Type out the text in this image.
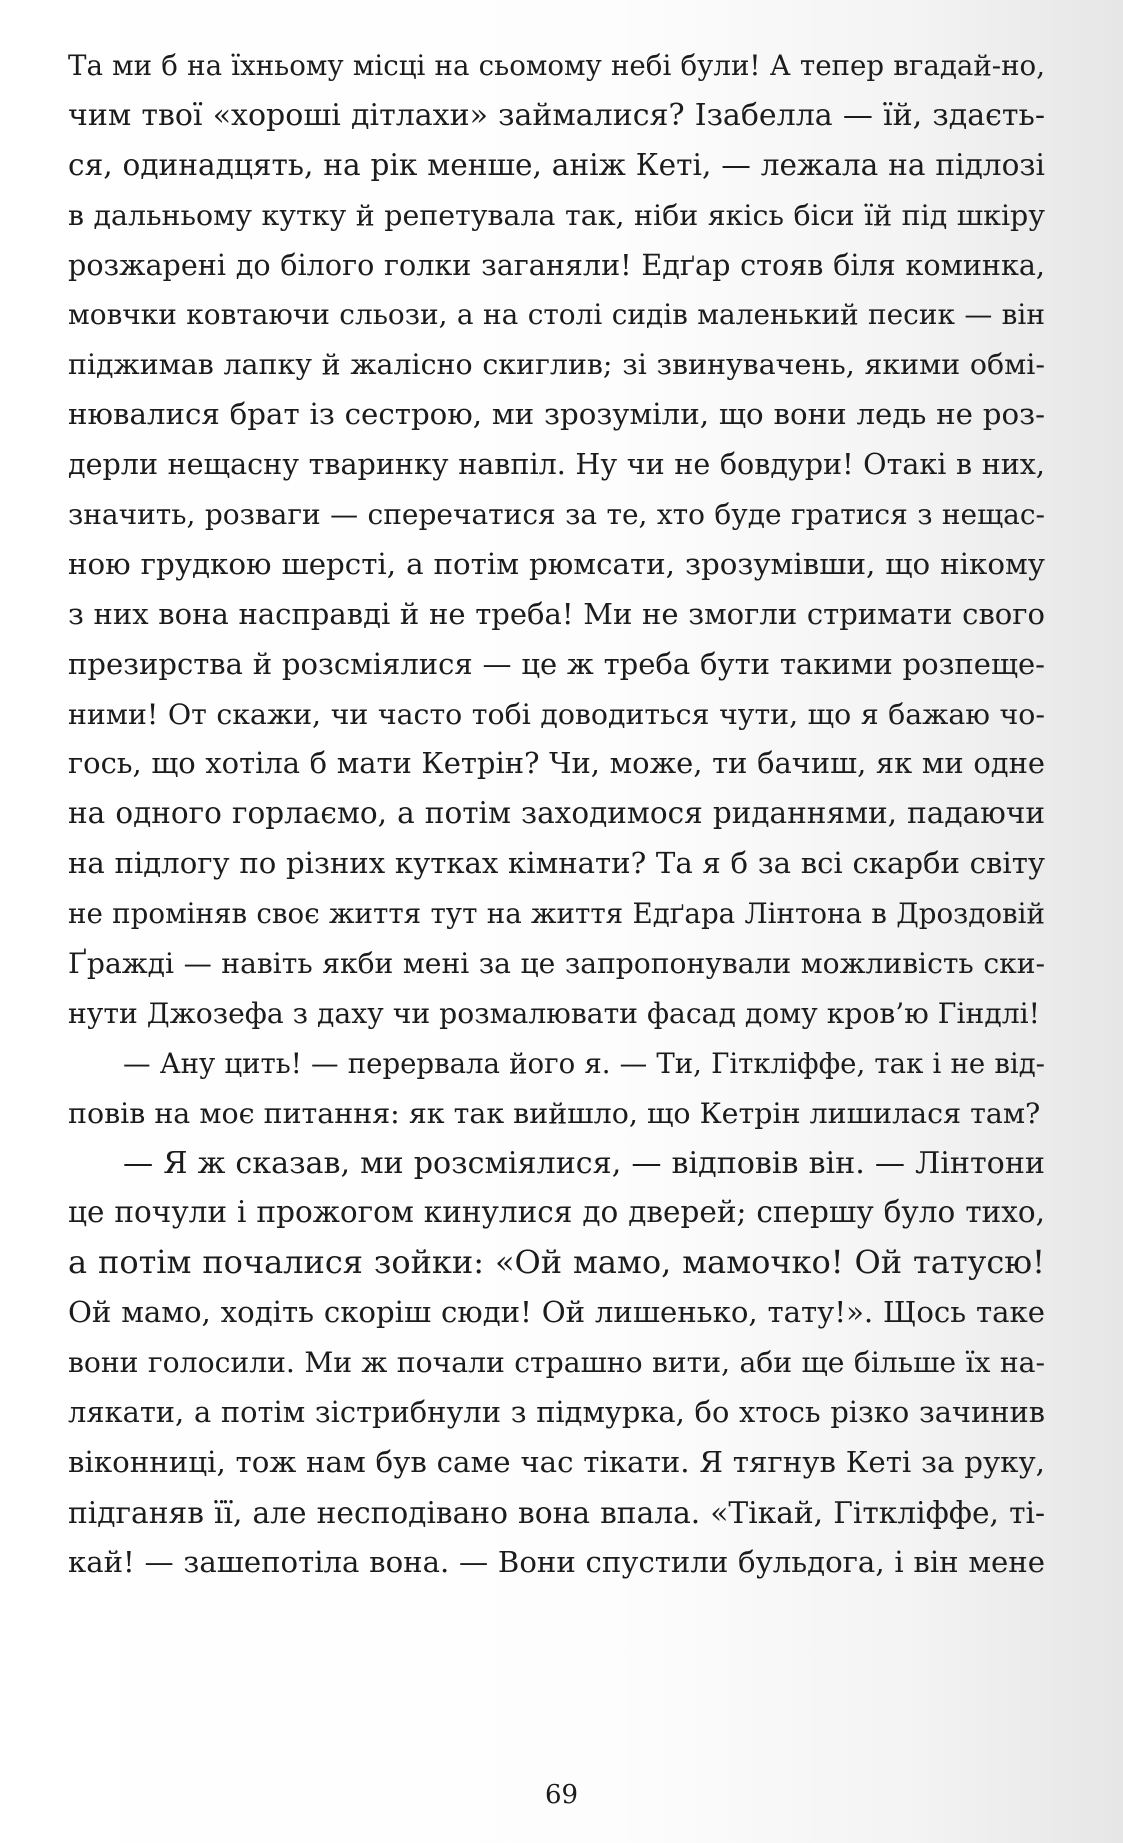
Та ми б на їхньому місці на сьомому небі були! А тепер вгадай-но,
чим твої «хороші дітлахи» займалися? Ізабелла — їй, здаєть-
ся, одинадцять, на рік менше, аніж Кеті, — лежала на підлозі
в дальньому кутку й репетувала так, ніби якісь біси їй під шкіру
розжарені до білого голки заганяли! Едґар стояв біля коминка,
мовчки ковтаючи сльози, а на столі сидів маленький песик — він
піджимав лапку й жалісно скиглив; зі звинувачень, якими обмі-
нювалися брат із сестрою, ми зрозуміли, що вони ледь не роз-
дерли нещасну тваринку навпіл. Ну чи не бовдури! Отакі в них,
значить, розваги — сперечатися за те, хто буде гратися з нещас-
ною грудкою шерсті, а потім рюмсати, зрозумівши, що нікому
з них вона насправді й не треба! Ми не змогли стримати свого
презирства й розсміялися — це ж треба бути такими розпеще-
ними! От скажи, чи часто тобі доводиться чути, що я бажаю чо-
гось, що хотіла б мати Кетрін? Чи, може, ти бачиш, як ми одне
на одного горлаємо, а потім заходимося риданнями, падаючи
на підлогу по різних кутках кімнати? Та я б за всі скарби світу
не проміняв своє життя тут на життя Едґара Лінтона в Дроздовій
Ґражді — навіть якби мені за це запропонували можливість ски-
нути Джозефа з даху чи розмалювати фасад дому кров’ю Гіндлі!
— Ану цить! — перервала його я. — Ти, Гіткліффе, так і не від-
повів на моє питання: як так вийшло, що Кетрін лишилася там?
— Я ж сказав, ми розсміялися, — відповів він. — Лінтони
це почули і прожогом кинулися до дверей; спершу було тихо,
а потім почалися зойки: «Ой мамо, мамочко! Ой татусю!
Ой мамо, ходіть скоріш сюди! Ой лишенько, тату!». Щось таке
вони голосили. Ми ж почали страшно вити, аби ще більше їх на-
лякати, а потім зістрибнули з підмурка, бо хтось різко зачинив
віконниці, тож нам був саме час тікати. Я тягнув Кеті за руку,
підганяв її, але несподівано вона впала. «Тікай, Гіткліффе, ті-
кай! — зашепотіла вона. — Вони спустили бульдога, і він мене
69
